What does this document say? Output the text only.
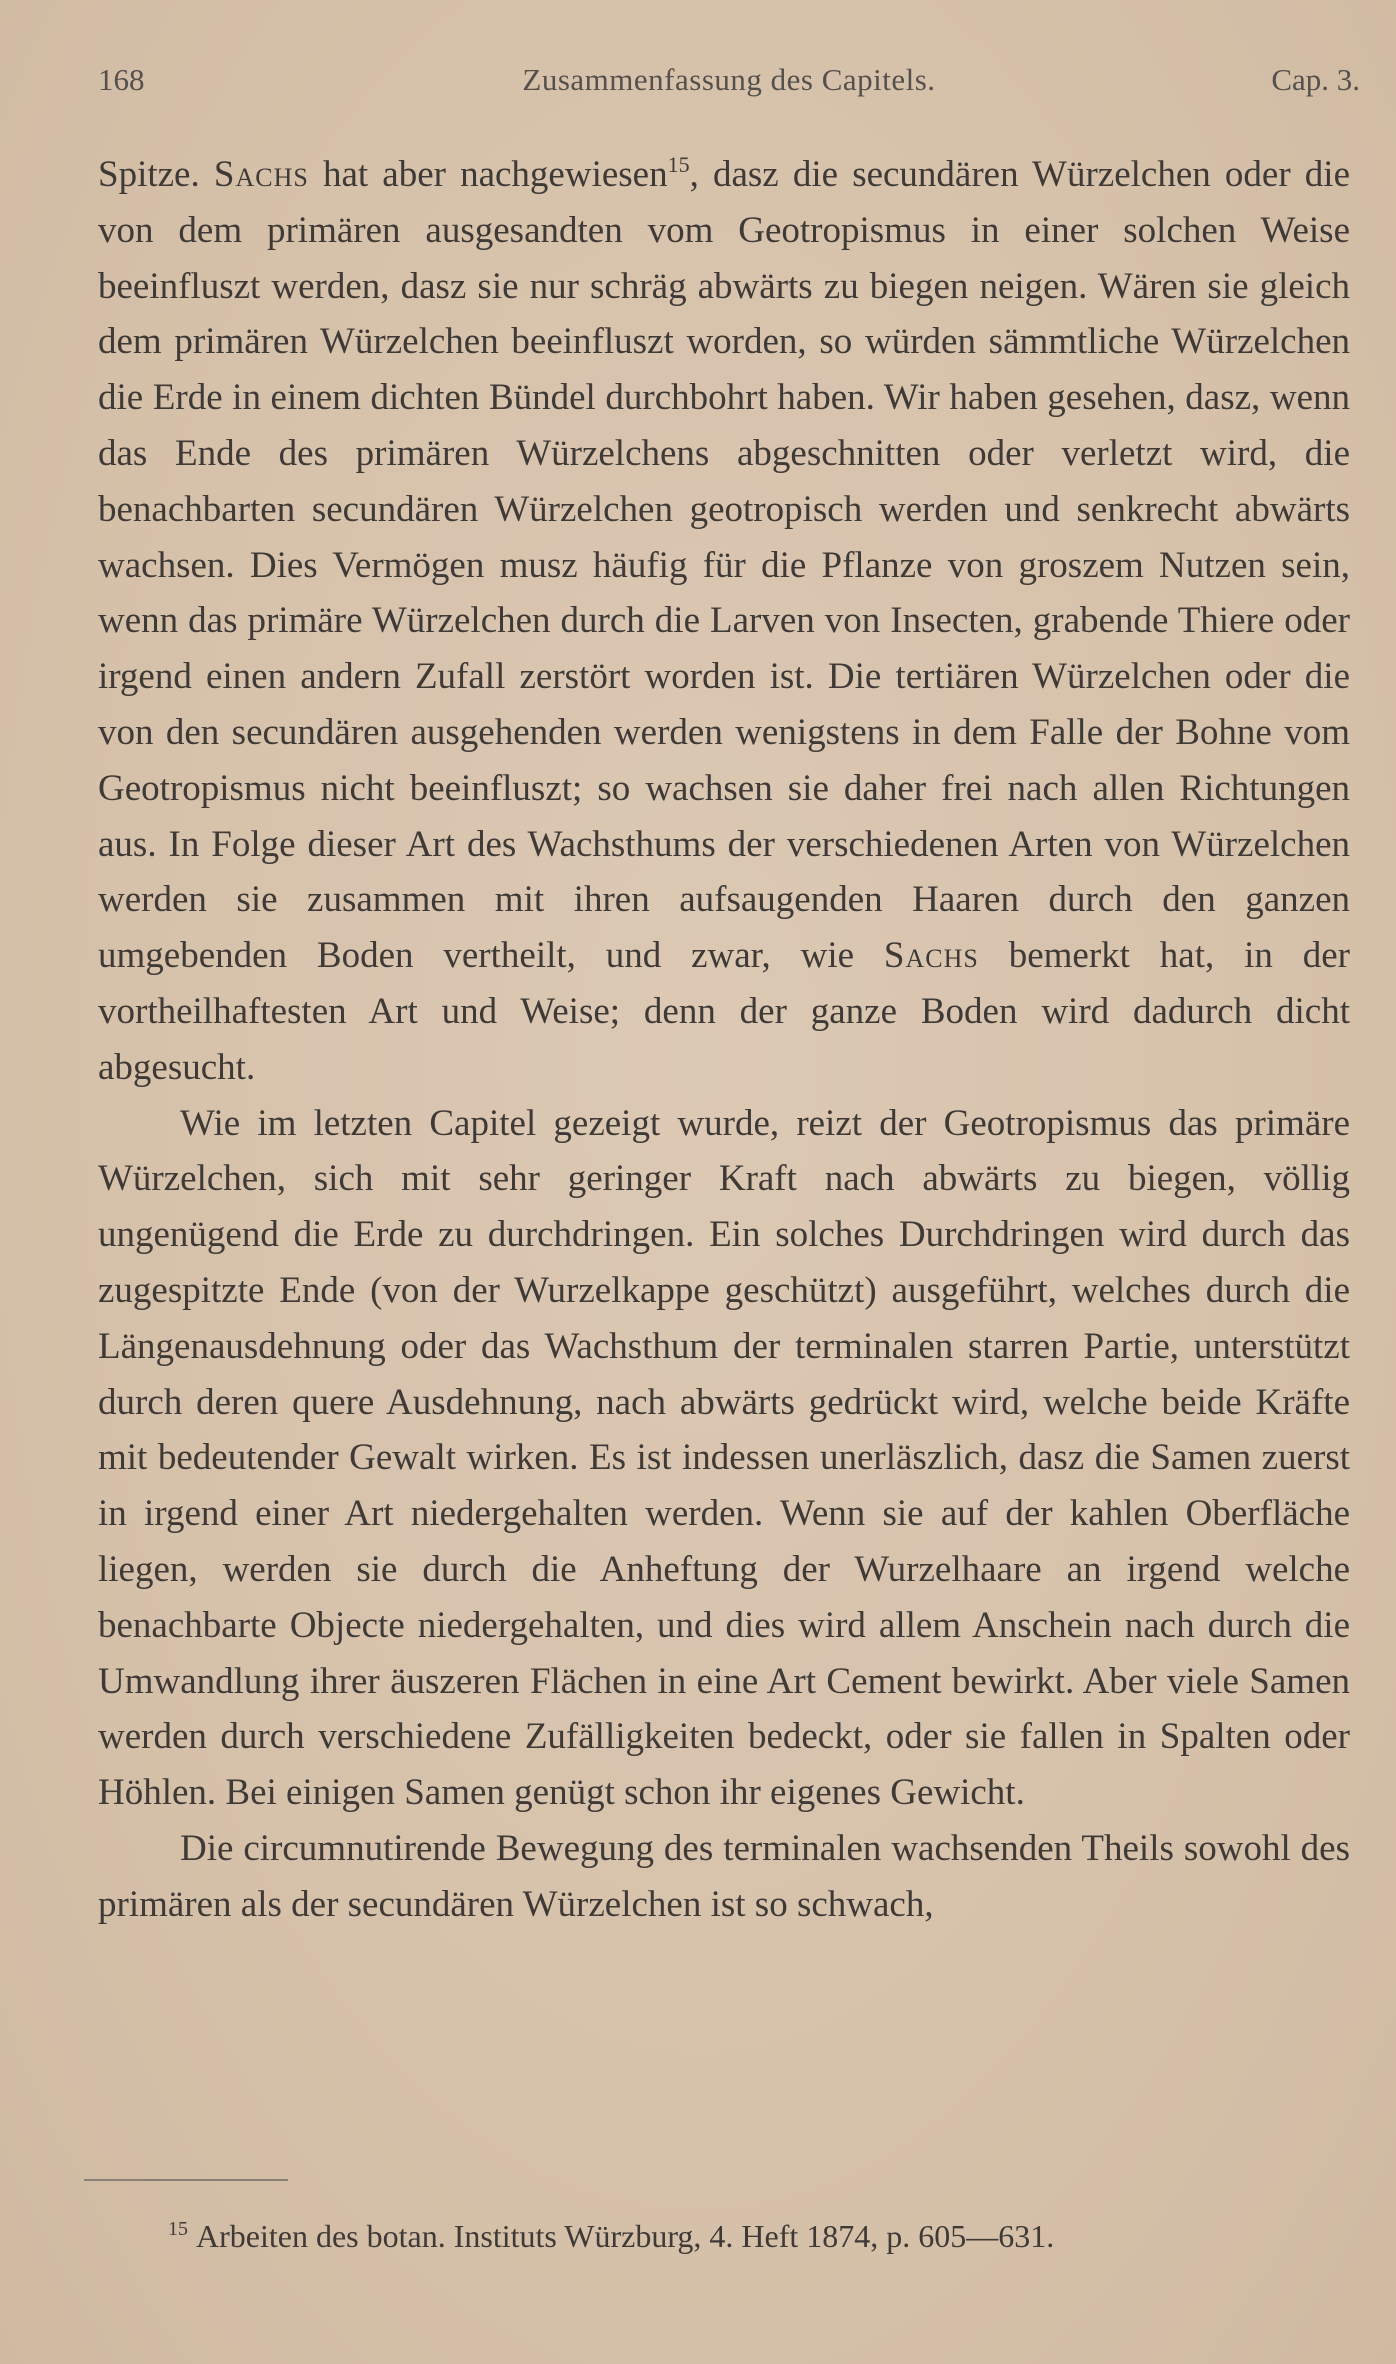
168	Zusammenfassung des Capitels.	Cap. 3.

Spitze. Sachs hat aber nachgewiesen$^{15}$, dasz die secundären Würzelchen oder die von dem primären ausgesandten vom Geotropismus in einer solchen Weise beeinfluszt werden, dasz sie nur schräg abwärts zu biegen neigen. Wären sie gleich dem primären Würzelchen beeinfluszt worden, so würden sämmtliche Würzelchen die Erde in einem dichten Bündel durchbohrt haben. Wir haben gesehen, dasz, wenn das Ende des primären Würzelchens abgeschnitten oder verletzt wird, die benachbarten secundären Würzelchen geotropisch werden und senkrecht abwärts wachsen. Dies Vermögen musz häufig für die Pflanze von groszem Nutzen sein, wenn das primäre Würzelchen durch die Larven von Insecten, grabende Thiere oder irgend einen andern Zufall zerstört worden ist. Die tertiären Würzelchen oder die von den secundären ausgehenden werden wenigstens in dem Falle der Bohne vom Geotropismus nicht beeinfluszt; so wachsen sie daher frei nach allen Richtungen aus. In Folge dieser Art des Wachsthums der verschiedenen Arten von Würzelchen werden sie zusammen mit ihren aufsaugenden Haaren durch den ganzen umgebenden Boden vertheilt, und zwar, wie Sachs bemerkt hat, in der vortheilhaftesten Art und Weise; denn der ganze Boden wird dadurch dicht abgesucht.

Wie im letzten Capitel gezeigt wurde, reizt der Geotropismus das primäre Würzelchen, sich mit sehr geringer Kraft nach abwärts zu biegen, völlig ungenügend die Erde zu durchdringen. Ein solches Durchdringen wird durch das zugespitzte Ende (von der Wurzelkappe geschützt) ausgeführt, welches durch die Längenausdehnung oder das Wachsthum der terminalen starren Partie, unterstützt durch deren quere Ausdehnung, nach abwärts gedrückt wird, welche beide Kräfte mit bedeutender Gewalt wirken. Es ist indessen unerläszlich, dasz die Samen zuerst in irgend einer Art niedergehalten werden. Wenn sie auf der kahlen Oberfläche liegen, werden sie durch die Anheftung der Wurzelhaare an irgend welche benachbarte Objecte niedergehalten, und dies wird allem Anschein nach durch die Umwandlung ihrer äuszeren Flächen in eine Art Cement bewirkt. Aber viele Samen werden durch verschiedene Zufälligkeiten bedeckt, oder sie fallen in Spalten oder Höhlen. Bei einigen Samen genügt schon ihr eigenes Gewicht.

Die circumnutirende Bewegung des terminalen wachsenden Theils sowohl des primären als der secundären Würzelchen ist so schwach,

$^{15}$ Arbeiten des botan. Instituts Würzburg, 4. Heft 1874, p. 605—631.
